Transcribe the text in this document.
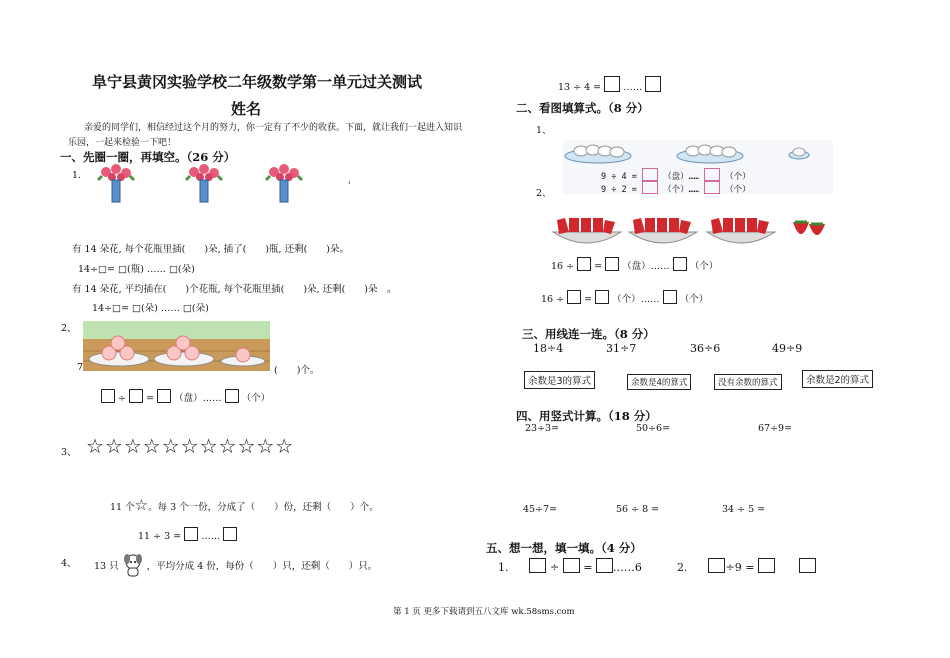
阜宁县黄冈实验学校二年级数学第一单元过关测试
姓名
亲爱的同学们，相信经过这个月的努力，你一定有了不少的收获。下面，就让我们一起进入知识乐园，一起来检验一下吧！
一、先圈一圈，再填空。（26 分）
1.
有 14 朵花, 每个花瓶里插(　　)朵, 插了(　　)瓶, 还剩(　　)朵。
14÷□= □(瓶) …… □(朵)
有 14 朵花, 平均插在(　　)个花瓶, 每个花瓶里插(　　)朵, 还剩(　　)朵　。
14÷□= □(朵) …… □(朵)
2、
7	(　　)个。
÷ = （盘）…… （个）
3、 ☆☆☆☆☆☆☆☆☆☆☆
11 个☆。每 3 个一份，分成了（　　）份，还剩（　　）个。
11 ÷ 3 = ……
4、 13 只	，平均分成 4 份，每份（　　）只，还剩（　　）只。
13 ÷ 4 = ……
二、看图填算式。（8 分）
1、
9 ÷ 4 =	（盘）……	（个）
9 ÷ 2 =	（个）……	（个）
2、
16 ÷ = （盘）…… （个）
16 ÷ = （个）…… （个）
三、用线连一连。（8 分）
18÷4	31÷7	36÷6	49÷9
余数是3的算式	余数是4的算式	没有余数的算式	余数是2的算式
四、用竖式计算。（18 分）
23÷3=	50÷6=	67÷9=
45÷7=	56 ÷ 8 =	34 ÷ 5 =
五、想一想，填一填。（4 分）
1.	÷ = ……6	2.	÷9 =
第 1 页 更多下载请到五八文库 wk.58sms.com
